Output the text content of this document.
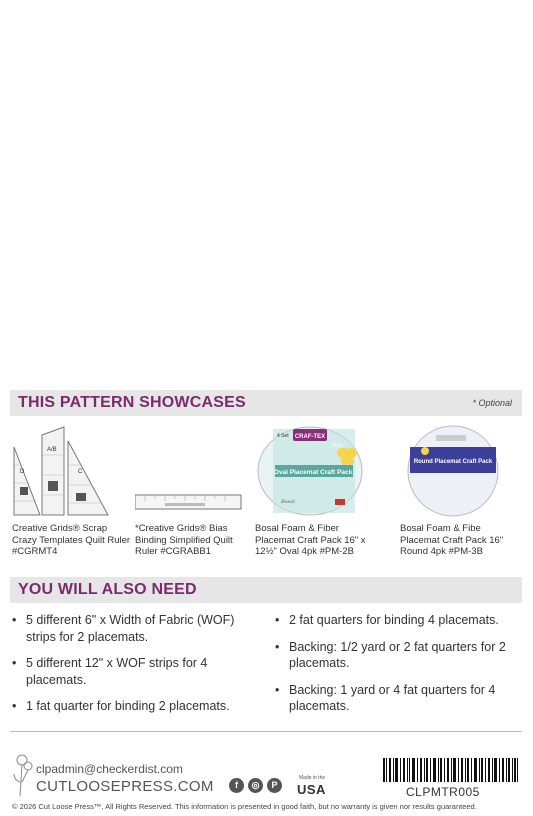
THIS PATTERN SHOWCASES	* Optional
D
A/B
C
Creative Grids® Scrap Crazy Templates Quilt Ruler #CGRMT4
*Creative Grids® Bias Binding Simplified Quilt Ruler #CGRABB1
CRAF-TEX
4 Set
Plus
Oval Placemat Craft Pack
Bosal
Bosal Foam & Fiber Placemat Craft Pack 16" x 12½" Oval 4pk #PM-2B
Round Placemat Craft Pack
Bosal Foam & Fibe Placemat Craft Pack 16" Round 4pk #PM-3B
YOU WILL ALSO NEED
• 5 different 6" x Width of Fabric (WOF) strips for 2 placemats.
• 5 different 12" x WOF strips for 4 placemats.
• 1 fat quarter for binding 2 placemats.
• 2 fat quarters for binding 4 placemats.
• Backing: 1/2 yard or 2 fat quarters for 2 placemats.
• Backing: 1 yard or 4 fat quarters for 4 placemats.
clpadmin@checkerdist.com
CUTLOOSEPRESS.COM	f	◎	P
Made in the
USA	CLPMTR005
© 2026 Cut Loose Press™, All Rights Reserved. This information is presented in good faith, but no warranty is given nor results guaranteed.
